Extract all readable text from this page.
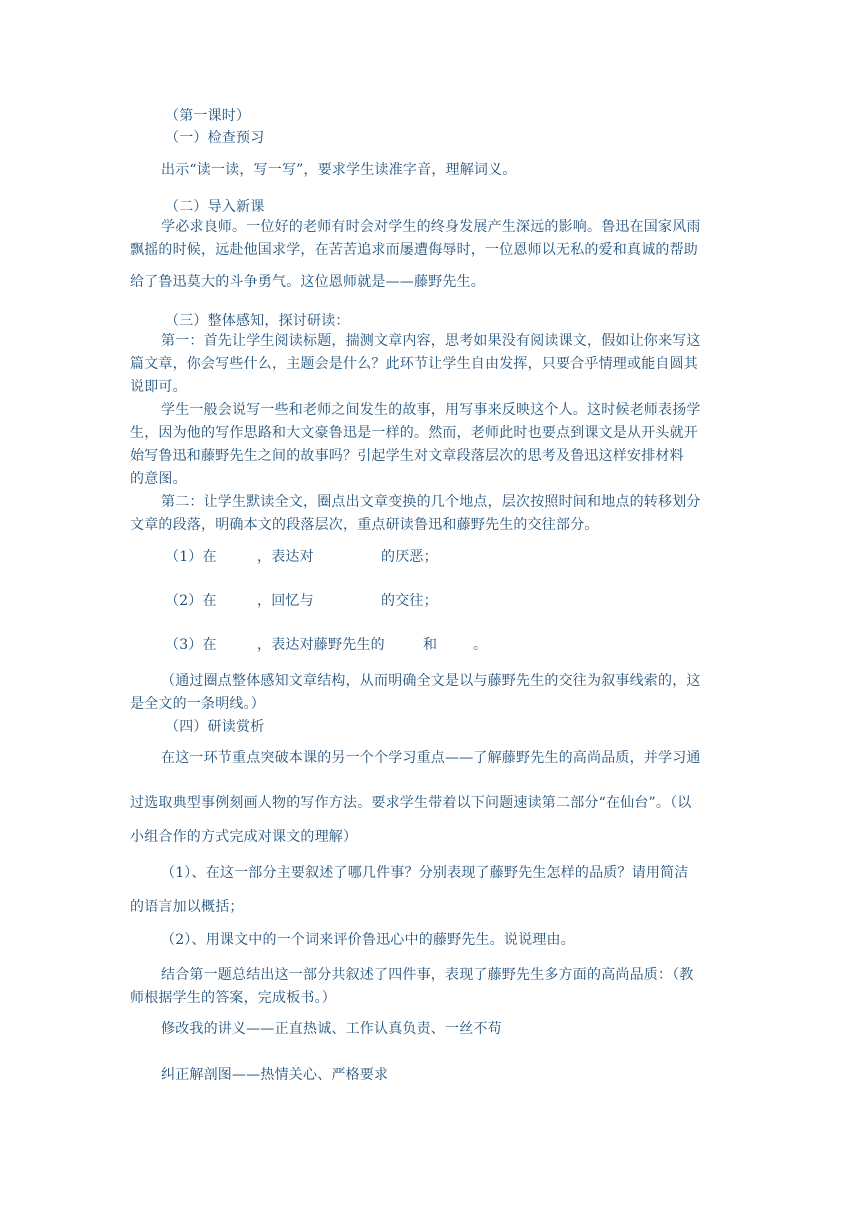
（第一课时）
（一）检查预习
出示“读一读，写一写”，要求学生读准字音，理解词义。
（二）导入新课
学必求良师。一位好的老师有时会对学生的终身发展产生深远的影响。鲁迅在国家风雨
飘摇的时候，远赴他国求学，在苦苦追求而屡遭侮辱时，一位恩师以无私的爱和真诚的帮助
给了鲁迅莫大的斗争勇气。这位恩师就是——藤野先生。
（三）整体感知，探讨研读：
第一：首先让学生阅读标题，揣测文章内容，思考如果没有阅读课文，假如让你来写这
篇文章，你会写些什么，主题会是什么？此环节让学生自由发挥，只要合乎情理或能自圆其
说即可。
学生一般会说写一些和老师之间发生的故事，用写事来反映这个人。这时候老师表扬学
生，因为他的写作思路和大文豪鲁迅是一样的。然而，老师此时也要点到课文是从开头就开
始写鲁迅和藤野先生之间的故事吗？引起学生对文章段落层次的思考及鲁迅这样安排材料
的意图。
第二：让学生默读全文，圈点出文章变换的几个地点，层次按照时间和地点的转移划分
文章的段落，明确本文的段落层次，重点研读鲁迅和藤野先生的交往部分。
（1）在	，表达对	的厌恶；
（2）在	，回忆与	的交往；
（3）在	，表达对藤野先生的	和	。
（通过圈点整体感知文章结构，从而明确全文是以与藤野先生的交往为叙事线索的，这
是全文的一条明线。）
（四）研读赏析
在这一环节重点突破本课的另一个个学习重点——了解藤野先生的高尚品质，并学习通
过选取典型事例刻画人物的写作方法。要求学生带着以下问题速读第二部分“在仙台”。（以
小组合作的方式完成对课文的理解）
（1）、在这一部分主要叙述了哪几件事？分别表现了藤野先生怎样的品质？请用简洁
的语言加以概括；
（2）、用课文中的一个词来评价鲁迅心中的藤野先生。说说理由。
结合第一题总结出这一部分共叙述了四件事，表现了藤野先生多方面的高尚品质：（教
师根据学生的答案，完成板书。）
修改我的讲义——正直热诚、工作认真负责、一丝不苟
纠正解剖图——热情关心、严格要求
